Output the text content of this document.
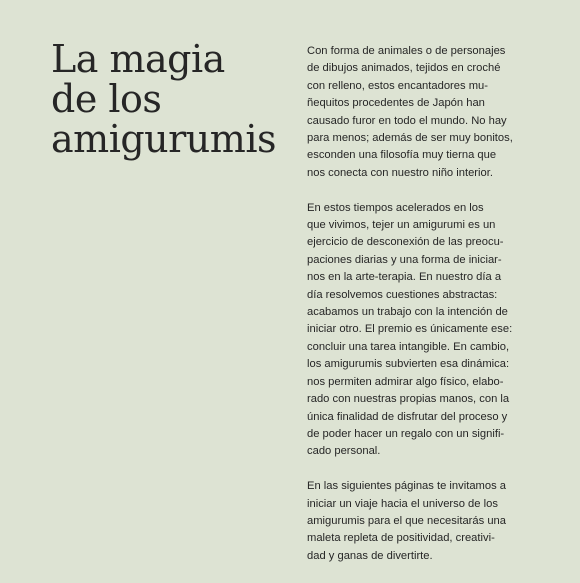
La magia
de los
amigurumis

Con forma de animales o de personajes
de dibujos animados, tejidos en croché
con relleno, estos encantadores mu-
ñequitos procedentes de Japón han
causado furor en todo el mundo. No hay
para menos; además de ser muy bonitos,
esconden una filosofía muy tierna que
nos conecta con nuestro niño interior.

En estos tiempos acelerados en los
que vivimos, tejer un amigurumi es un
ejercicio de desconexión de las preocu-
paciones diarias y una forma de iniciar-
nos en la arte-terapia. En nuestro día a
día resolvemos cuestiones abstractas:
acabamos un trabajo con la intención de
iniciar otro. El premio es únicamente ese:
concluir una tarea intangible. En cambio,
los amigurumis subvierten esa dinámica:
nos permiten admirar algo físico, elabo-
rado con nuestras propias manos, con la
única finalidad de disfrutar del proceso y
de poder hacer un regalo con un signifi-
cado personal.

En las siguientes páginas te invitamos a
iniciar un viaje hacia el universo de los
amigurumis para el que necesitarás una
maleta repleta de positividad, creativi-
dad y ganas de divertirte.
